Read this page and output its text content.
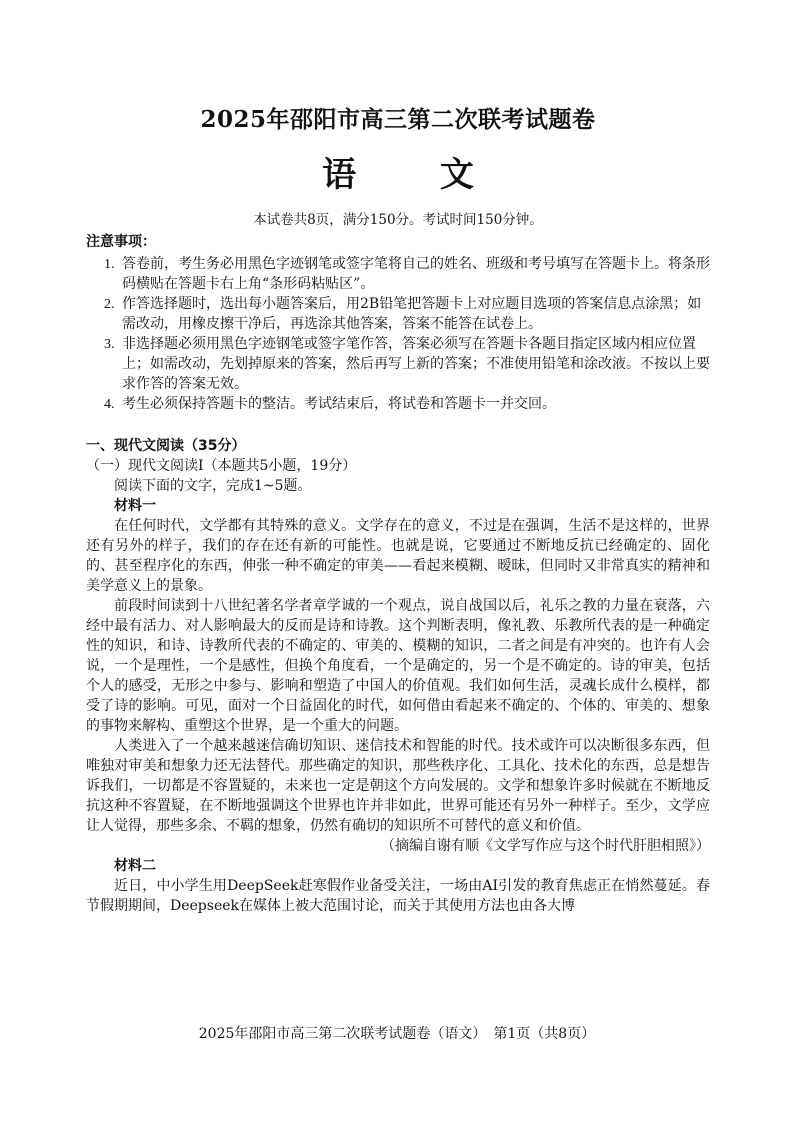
2025年邵阳市高三第二次联考试题卷
语 文
本试卷共8页，满分150分。考试时间150分钟。
注意事项：
1. 答卷前，考生务必用黑色字迹钢笔或签字笔将自己的姓名、班级和考号填写在答题卡上。将条形码横贴在答题卡右上角“条形码粘贴区”。
2. 作答选择题时，选出每小题答案后，用2B铅笔把答题卡上对应题目选项的答案信息点涂黑；如需改动，用橡皮擦干净后，再选涂其他答案，答案不能答在试卷上。
3. 非选择题必须用黑色字迹钢笔或签字笔作答，答案必须写在答题卡各题目指定区域内相应位置上；如需改动，先划掉原来的答案，然后再写上新的答案；不准使用铅笔和涂改液。不按以上要求作答的答案无效。
4. 考生必须保持答题卡的整洁。考试结束后，将试卷和答题卡一并交回。
一、现代文阅读（35分）
（一）现代文阅读Ⅰ（本题共5小题，19分）
阅读下面的文字，完成1~5题。
材料一

在任何时代，文学都有其特殊的意义。文学存在的意义，不过是在强调，生活不是这样的，世界还有另外的样子，我们的存在还有新的可能性。也就是说，它要通过不断地反抗已经确定的、固化的、甚至程序化的东西，伸张一种不确定的审美——看起来模糊、暧昧，但同时又非常真实的精神和美学意义上的景象。

前段时间读到十八世纪著名学者章学诚的一个观点，说自战国以后，礼乐之教的力量在衰落，六经中最有活力、对人影响最大的反而是诗和诗教。这个判断表明，像礼教、乐教所代表的是一种确定性的知识，和诗、诗教所代表的不确定的、审美的、模糊的知识，二者之间是有冲突的。也许有人会说，一个是理性，一个是感性，但换个角度看，一个是确定的，另一个是不确定的。诗的审美，包括个人的感受，无形之中参与、影响和塑造了中国人的价值观。我们如何生活，灵魂长成什么模样，都受了诗的影响。可见，面对一个日益固化的时代，如何借由看起来不确定的、个体的、审美的、想象的事物来解构、重塑这个世界，是一个重大的问题。

人类进入了一个越来越迷信确切知识、迷信技术和智能的时代。技术或许可以决断很多东西，但唯独对审美和想象力还无法替代。那些确定的知识，那些秩序化、工具化、技术化的东西，总是想告诉我们，一切都是不容置疑的，未来也一定是朝这个方向发展的。文学和想象许多时候就在不断地反抗这种不容置疑，在不断地强调这个世界也许并非如此，世界可能还有另外一种样子。至少，文学应让人觉得，那些多余、不羁的想象，仍然有确切的知识所不可替代的意义和价值。

（摘编自谢有顺《文学写作应与这个时代肝胆相照》）
材料二

近日，中小学生用DeepSeek赶寒假作业备受关注，一场由AI引发的教育焦虑正在悄然蔓延。春节假期期间，Deepseek在媒体上被大范围讨论，而关于其使用方法也由各大博

2025年邵阳市高三第二次联考试题卷（语文）　第1页（共8页）
